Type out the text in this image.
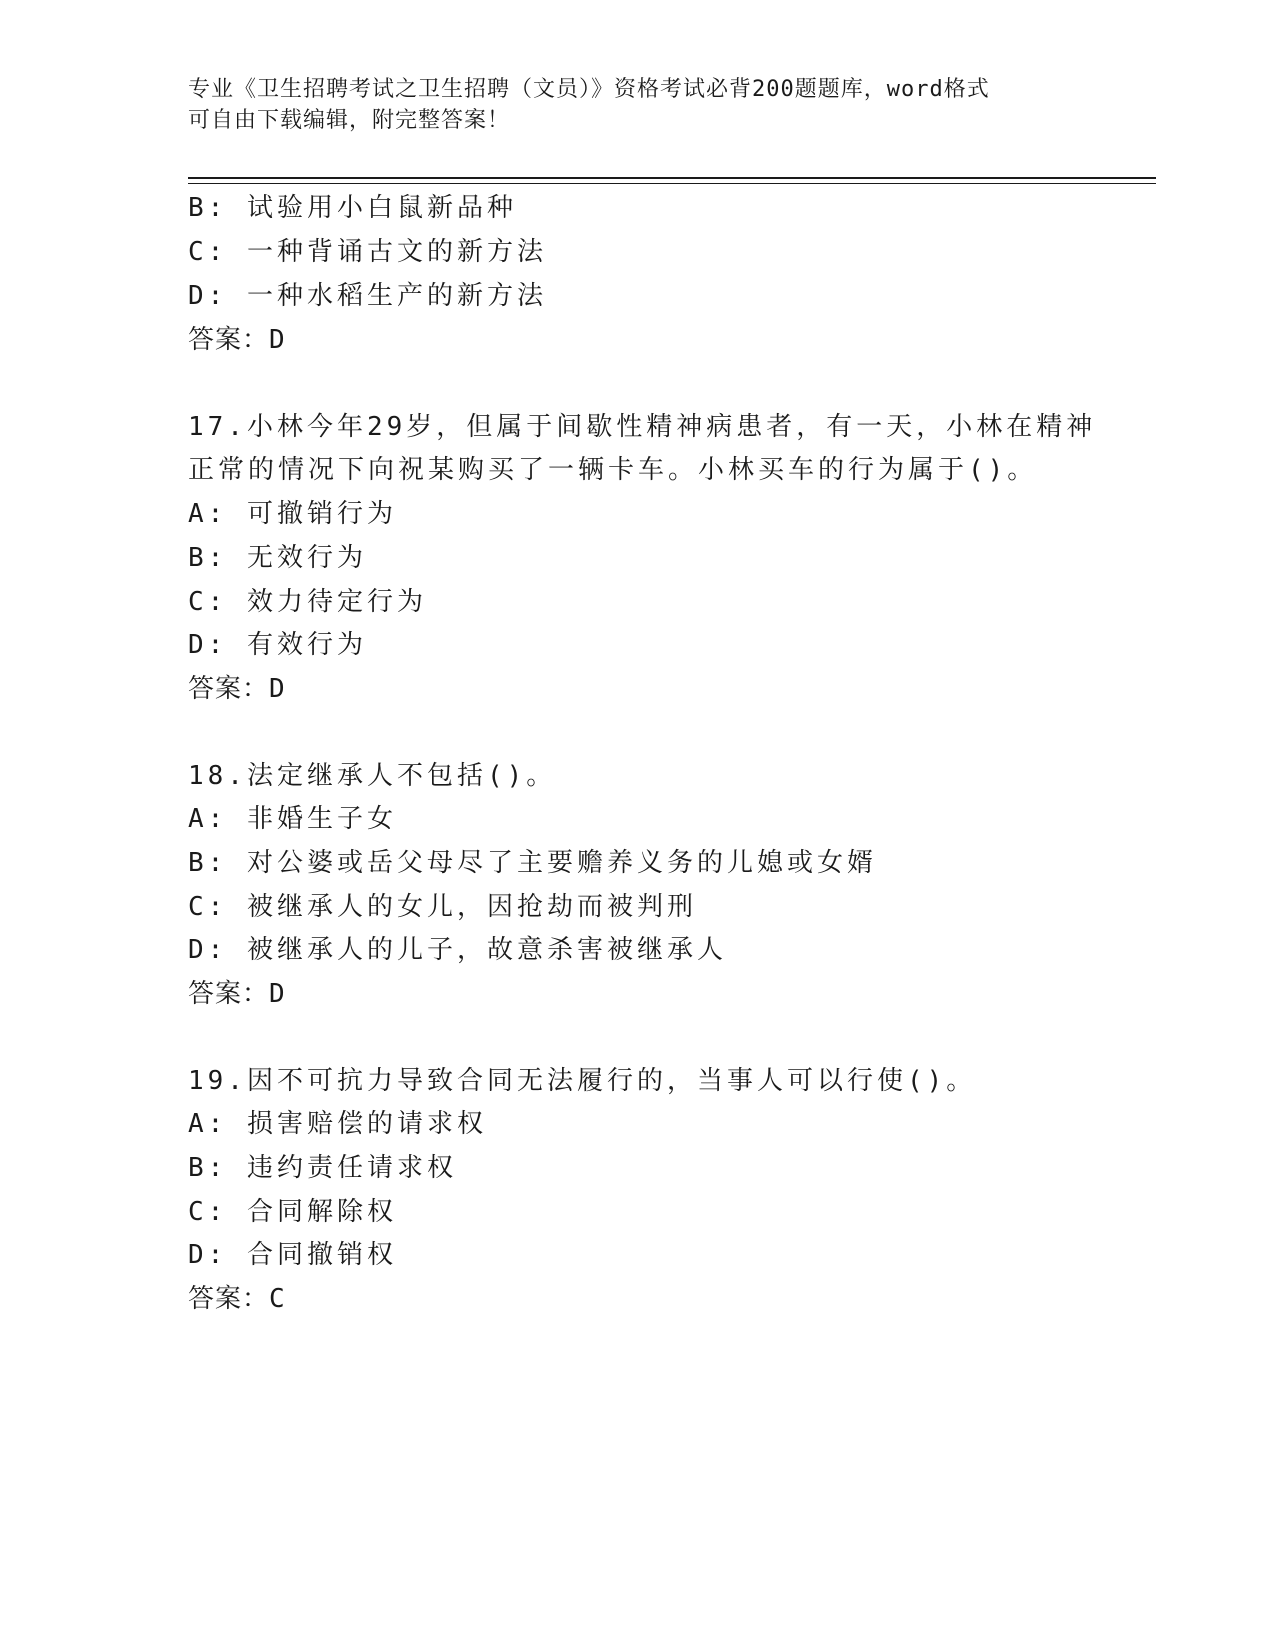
专业《卫生招聘考试之卫生招聘（文员）》资格考试必背200题题库，word格式
可自由下载编辑，附完整答案！
B: 试验用小白鼠新品种
C: 一种背诵古文的新方法
D: 一种水稻生产的新方法
答案：D
17.小林今年29岁，但属于间歇性精神病患者，有一天，小林在精神
正常的情况下向祝某购买了一辆卡车。小林买车的行为属于()。
A: 可撤销行为
B: 无效行为
C: 效力待定行为
D: 有效行为
答案：D
18.法定继承人不包括()。
A: 非婚生子女
B: 对公婆或岳父母尽了主要赡养义务的儿媳或女婿
C: 被继承人的女儿，因抢劫而被判刑
D: 被继承人的儿子，故意杀害被继承人
答案：D
19.因不可抗力导致合同无法履行的，当事人可以行使()。
A: 损害赔偿的请求权
B: 违约责任请求权
C: 合同解除权
D: 合同撤销权
答案：C
